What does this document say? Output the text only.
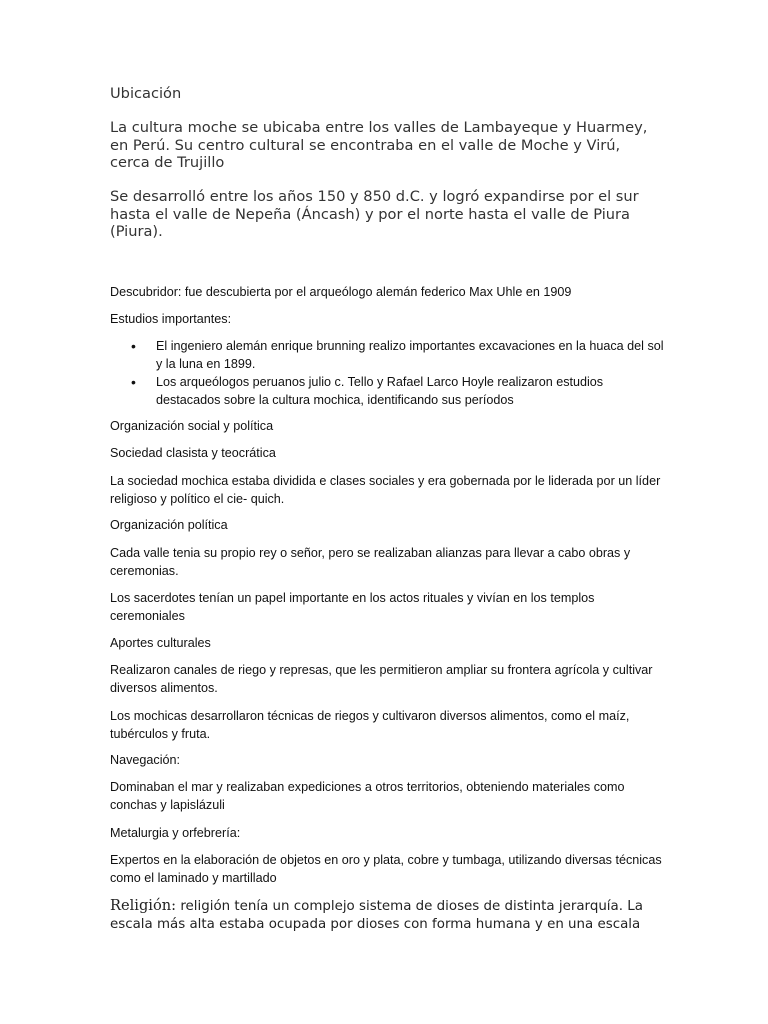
Ubicación

La cultura moche se ubicaba entre los valles de Lambayeque y Huarmey, en Perú. Su centro cultural se encontraba en el valle de Moche y Virú, cerca de Trujillo

Se desarrolló entre los años 150 y 850 d.C. y logró expandirse por el sur hasta el valle de Nepeña (Áncash) y por el norte hasta el valle de Piura (Piura).

Descubridor: fue descubierta por el arqueólogo alemán federico Max Uhle en 1909

Estudios importantes:

• El ingeniero alemán enrique brunning realizo importantes excavaciones en la huaca del sol y la luna en 1899.
• Los arqueólogos peruanos julio c. Tello y Rafael Larco Hoyle realizaron estudios destacados sobre la cultura mochica, identificando sus períodos

Organización social y política

Sociedad clasista y teocrática

La sociedad mochica estaba dividida e clases sociales y era gobernada por le liderada por un líder religioso y político el cie- quich.

Organización política

Cada valle tenia su propio rey o señor, pero se realizaban alianzas para llevar a cabo obras y ceremonias.

Los sacerdotes tenían un papel importante en los actos rituales y vivían en los templos ceremoniales

Aportes culturales

Realizaron canales de riego y represas, que les permitieron ampliar su frontera agrícola y cultivar diversos alimentos.

Los mochicas desarrollaron técnicas de riegos y cultivaron diversos alimentos, como el maíz, tubérculos y fruta.

Navegación:

Dominaban el mar y realizaban expediciones a otros territorios, obteniendo materiales como conchas y lapislázuli

Metalurgia y orfebrería:

Expertos en la elaboración de objetos en oro y plata, cobre y tumbaga, utilizando diversas técnicas como el laminado y martillado

Religión: religión tenía un complejo sistema de dioses de distinta jerarquía. La escala más alta estaba ocupada por dioses con forma humana y en una escala
